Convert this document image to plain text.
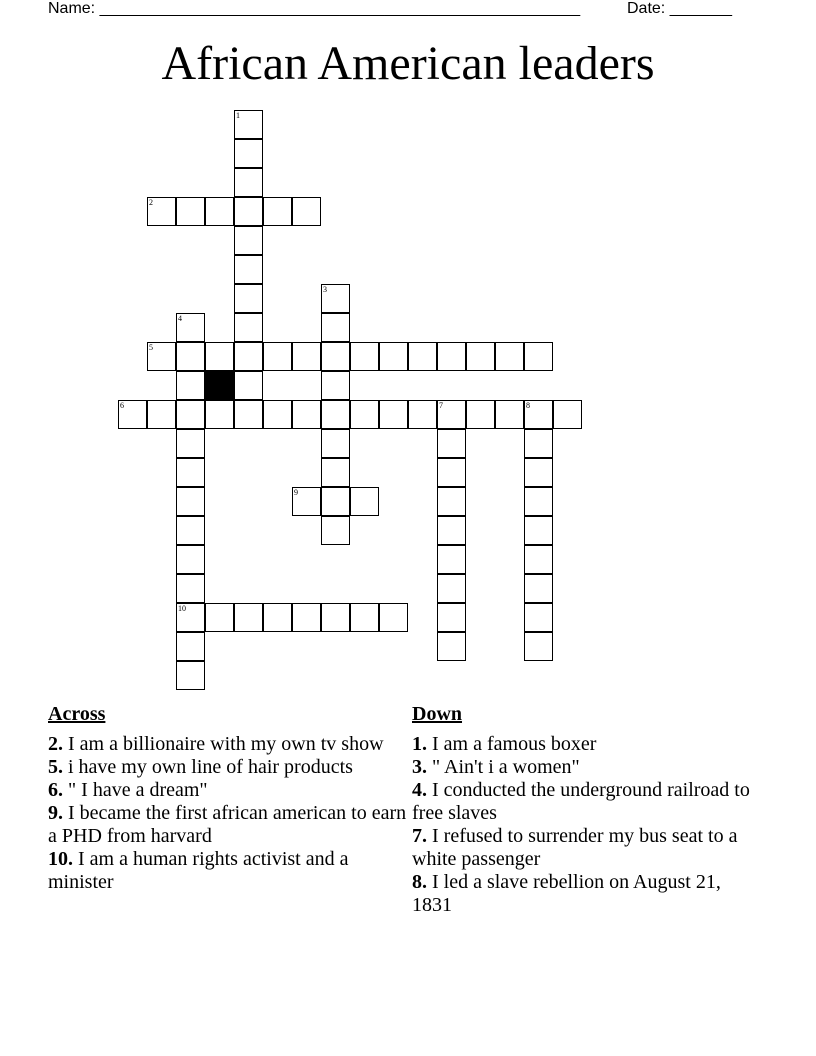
Name: ______________________________________________________	Date: _______
African American leaders
1
2
3
4
10
5
6	7	8
9
Across

2. I am a billionaire with my own tv show

5. i have my own line of hair products

6. " I have a dream"

9. I became the first african american to earn a PHD from harvard

10. I am a human rights activist and a minister

Down

1. I am a famous boxer

3. " Ain't i a women"

4. I conducted the underground railroad to free slaves

7. I refused to surrender my bus seat to a white passenger

8. I led a slave rebellion on August 21, 1831
